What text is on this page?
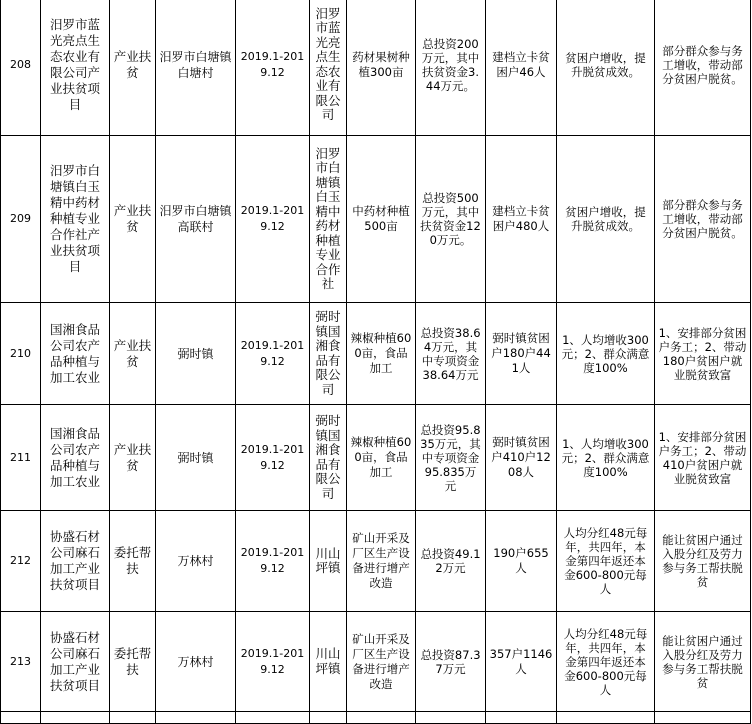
208	汨罗市蓝光亮点生态农业有限公司产业扶贫项目	产业扶贫	汨罗市白塘镇白塘村	2019.1-2019.12	汨罗市蓝光亮点生态农业有限公司	药材果树种植300亩	总投资200万元，其中扶贫资金3.44万元。	建档立卡贫困户46人	贫困户增收，提升脱贫成效。	部分群众参与务工增收，带动部分贫困户脱贫。
209	汨罗市白塘镇白玉精中药材种植专业合作社产业扶贫项目	产业扶贫	汨罗市白塘镇高联村	2019.1-2019.12	汨罗市白塘镇白玉精中药材种植专业合作社	中药材种植500亩	总投资500万元，其中扶贫资金120万元。	建档立卡贫困户480人	贫困户增收，提升脱贫成效。	部分群众参与务工增收，带动部分贫困户脱贫。
210	国湘食品公司农产品种植与加工农业	产业扶贫	弼时镇	2019.1-2019.12	弼时镇国湘食品有限公司	辣椒种植600亩，食品加工	总投资38.64万元，其中专项资金38.64万元	弼时镇贫困户180户441人	1、人均增收300元；2、群众满意度100%	1、安排部分贫困户务工；2、带动180户贫困户就业脱贫致富
211	国湘食品公司农产品种植与加工农业	产业扶贫	弼时镇	2019.1-2019.12	弼时镇国湘食品有限公司	辣椒种植600亩，食品加工	总投资95.835万元，其中专项资金95.835万元	弼时镇贫困户410户1208人	1、人均增收300元；2、群众满意度100%	1、安排部分贫困户务工；2、带动410户贫困户就业脱贫致富
212	协盛石材公司麻石加工产业扶贫项目	委托帮扶	万林村	2019.1-2019.12	川山坪镇	矿山开采及厂区生产设备进行增产改造	总投资49.12万元	190户655人	人均分红48元每年，共四年，本金第四年返还本金600-800元每人	能让贫困户通过入股分红及劳力参与务工帮扶脱贫
213	协盛石材公司麻石加工产业扶贫项目	委托帮扶	万林村	2019.1-2019.12	川山坪镇	矿山开采及厂区生产设备进行增产改造	总投资87.37万元	357户1146人	人均分红48元每年，共四年，本金第四年返还本金600-800元每人	能让贫困户通过入股分红及劳力参与务工帮扶脱贫
